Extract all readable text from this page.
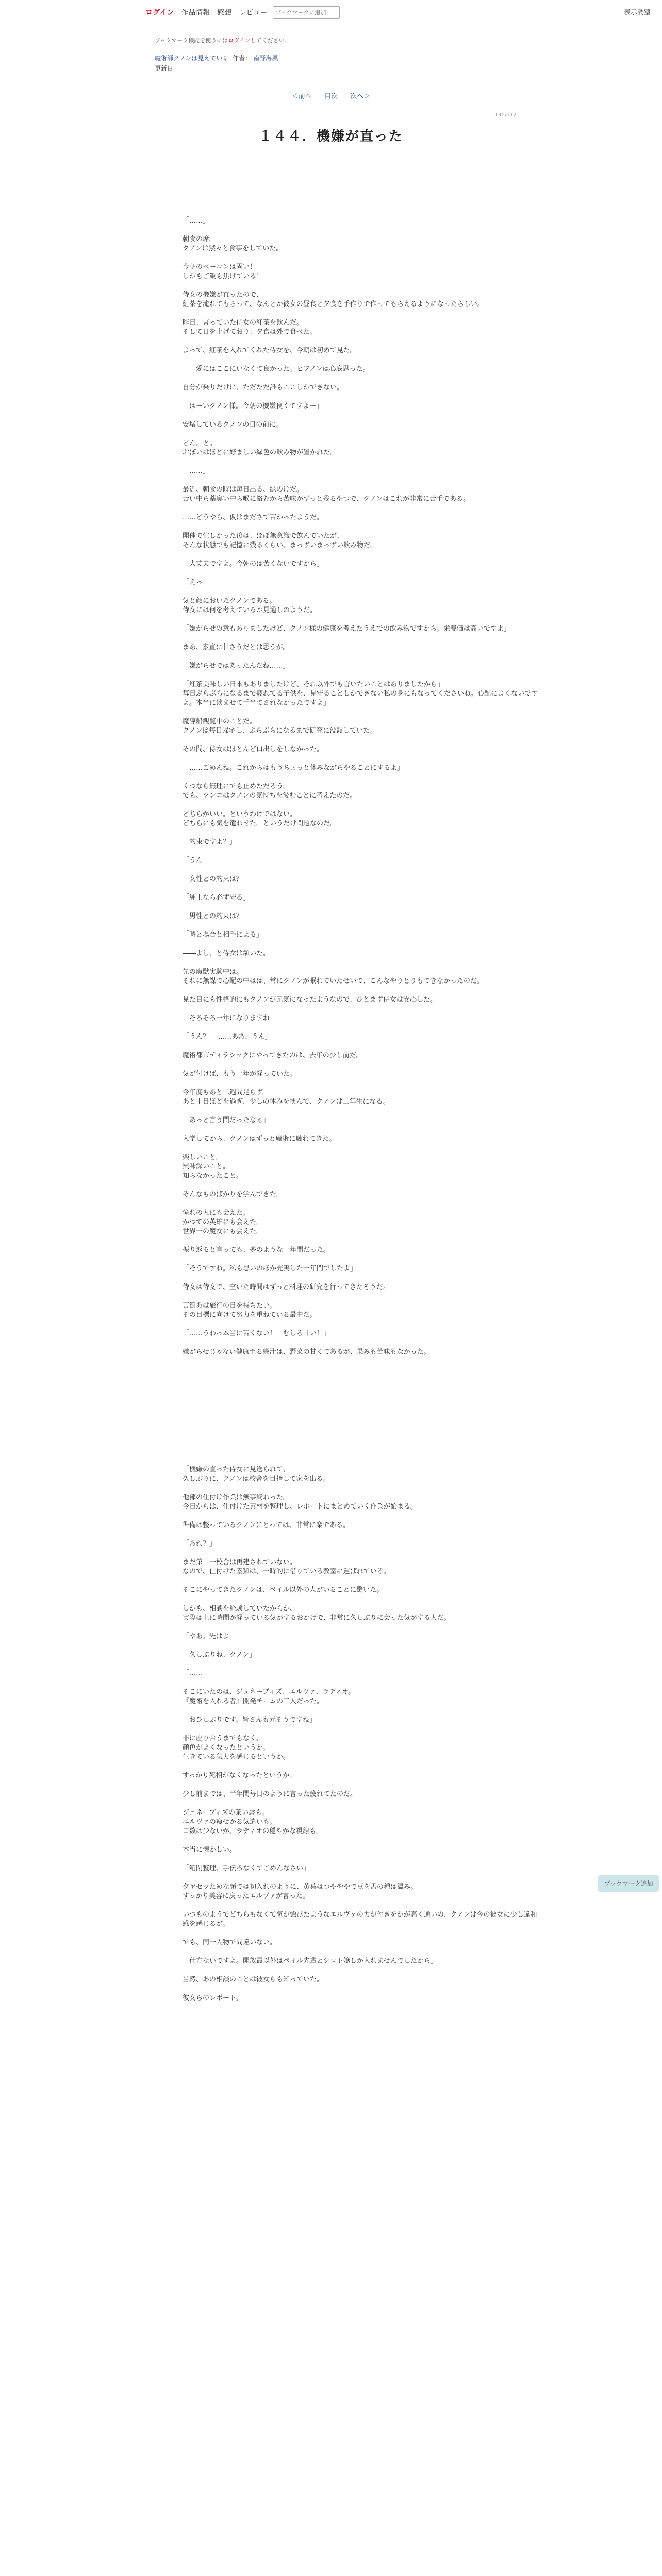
ログイン 作品情報 感想 レビュー
ブックマークに追加	表示調整
ブックマーク機能を使うにはログインしてください。
魔術師クノンは見えている 作者： 南野海風
更新日
＜前へ 目次 次へ＞
145/512
１４４．機嫌が直った

「……」

朝食の席。

クノンは黙々と食事をしていた。

今朝のベーコンは固い！

しかもご飯も焦げている！

侍女の機嫌が直ったので、

紅茶を淹れてもらって、なんとか彼女の昼食と夕食を手作りで作ってもらえるようになったらしい。

昨日、言っていた侍女の紅茶を飲んだ。

そして日を上げており、夕食は外で食べた。

よって、紅茶を入れてくれた侍女を、今朝は初めて見た。

――愛にはここにいなくて良かった。ヒフノンは心底思った。

自分が乗りだけに、ただただ誰もここしかできない。

「はーいクノン様。今朝の機嫌良くてすよー」

安堵しているクノンの目の前に。

どん。と。

おぼいはほどに好ましい緑色の飲み物が置かれた。

「……」

最近、朝食の時は毎日出る、緑のけだ。

苦い中ら薬臭い中ら喉に絡むから苦味がずっと残るやつで、クノンはこれが非常に苦手である。

……どうやら、仮はまださて苦かったようだ。

開催で忙しかった後は、ほぼ無意識で飲んでいたが、

そんな状態でも記憶に残るくらい、まっずいまっずい飲み物だ。

「大丈夫ですよ。今朝のは苦くないですから」

「えっ」

気と顔においたクノンである。

侍女には何を考えているか見通しのようだ。

「嫌がらせの意もありましたけど、クノン様の健康を考えたうえでの飲み物ですから。栄養価は高いですよ」

まあ、素直に甘さうだとは思うが。

「嫌がらせではあったんだね……」

「紅茶美味しい日本もありましたけど、それ以外でも言いたいことはありましたから」

毎日ぶらぶらになるまで疲れてる子供を、見守ることしかできない私の身にもなってくださいね。心配によくないですよ。本当に飲ませて手当てされなかったですよ」

魔導船観覧中のことだ。

クノンは毎日帰宅し、ぶらぶらになるまで研究に没頭していた。

その間、侍女はほとんど口出しをしなかった。

「……ごめんね。これからはもうちょっと休みながらやることにするよ」

くつなら無理にでも止めただろう。

でも、ツンコはクノンの気持ちを汲むことに考えたのだ。

どちらがいい。というわけではない。

どちらにも気を遣わせた。というだけ問題なのだ。

「約束ですよ？」

「うん」

「女性との約束は？」

「紳士なら必ず守る」

「男性との約束は？」

「時と場合と相手による」

――よし、と侍女は頷いた。

先の魔獣実験中は。

それに無謀で心配の中はは、常にクノンが眠れていたせいで、こんなやりとりもできなかったのだ。

見た目にも性格的にもクノンが元気になったようなので、ひとまず侍女は安心した。

「そろそろ一年になりますね」

「うん？ 　……ああ、うん」

魔術都市ディラシックにやってきたのは、去年の少し前だ。

気が付けば、もう一年が経っていた。

今年度もあと二週間足らず。

あと十日ほどを過ぎ、少しの休みを挟んで、クノンは二年生になる。

「あっと言う間だったなぁ」

入学してから、クノンはずっと魔術に触れてきた。

楽しいこと。

興味深いこと。

知らなかったこと。

そんなものばかりを学んできた。

憧れの人にも会えた。

かつての英雄にも会えた。

世界一の魔女にも会えた。

振り返ると言っても、夢のような一年間だった。

「そうですね。私も思いのほか充実した一年間でしたよ」

侍女は侍女で、空いた時間はずっと料理の研究を行ってきたそうだ。

苦節あは旅行の日を持ちたい。

その目標に向けて努力を重ねている最中だ。

「……うわっ本当に苦くない！　むしろ甘い！」

嫌がらせじゃない健康至る緑汁は、野菜の甘くてあるが、果みも苦味もなかった。

「機嫌の直った侍女に見送られて、

久しぶりに、クノンは校舎を目指して家を出る。

他部の仕付け作業は無事終わった。

今日からは、仕付けた素材を整理し、レポートにまとめていく作業が始まる。

準備は整っているクノンにとっては、非常に楽である。

「あれ？」

まだ第十一校舎は再建されていない。

なので、仕付けた素類は、一時的に借りている教室に運ばれている。

そこにやってきたクノンは、ベイル以外の人がいることに驚いた。

しかも、相談を経験していたからか、

実際は上に時間が経っている気がするおかげで、非常に久しぶりに会った気がする人だ。

「やあ。先はよ」

「久しぶりね、クノン」

「……」

そこにいたのは、ジュネーブィズ、エルヴァ、ラディオ。

『魔術を入れる者』開発チームの三人だった。

「おひしぶりです。皆さんも元そうですね」

非に座り合うまでもなく、

顔色がよくなったというか。

生きている気力を感じるというか。

すっかり死相がなくなったというか。

少し前までは、半年間毎日のように言った疲れてたのだ。

ジュネーブィズの茶い唇も。

エルヴァの痩せかる気遣いも。

口数は少ないが、ラディオの穏やかな視線も。

本当に懐かしい。

「箱閉整理、手伝ろなくてごめんなさい」

夕ヤセッためな顔では初入れのように、黄葉はつやややで豆を孟の種は温み。

すっかり美容に戻ったエルヴァが言った。

いつものようでどちらもなくて気が強びたようなエルヴァの力が付きをかが高く通いの、クノンは今の彼女に少し違和感を感じるが。

でも、同一人物で間違いない。

「仕方ないですよ。開放最以外はペイル先輩とシロト嬢しか入れませんでしたから」

当然、あの相談のことは彼女らも知っていた。

彼女らのレポート。

ブックマーク追加
